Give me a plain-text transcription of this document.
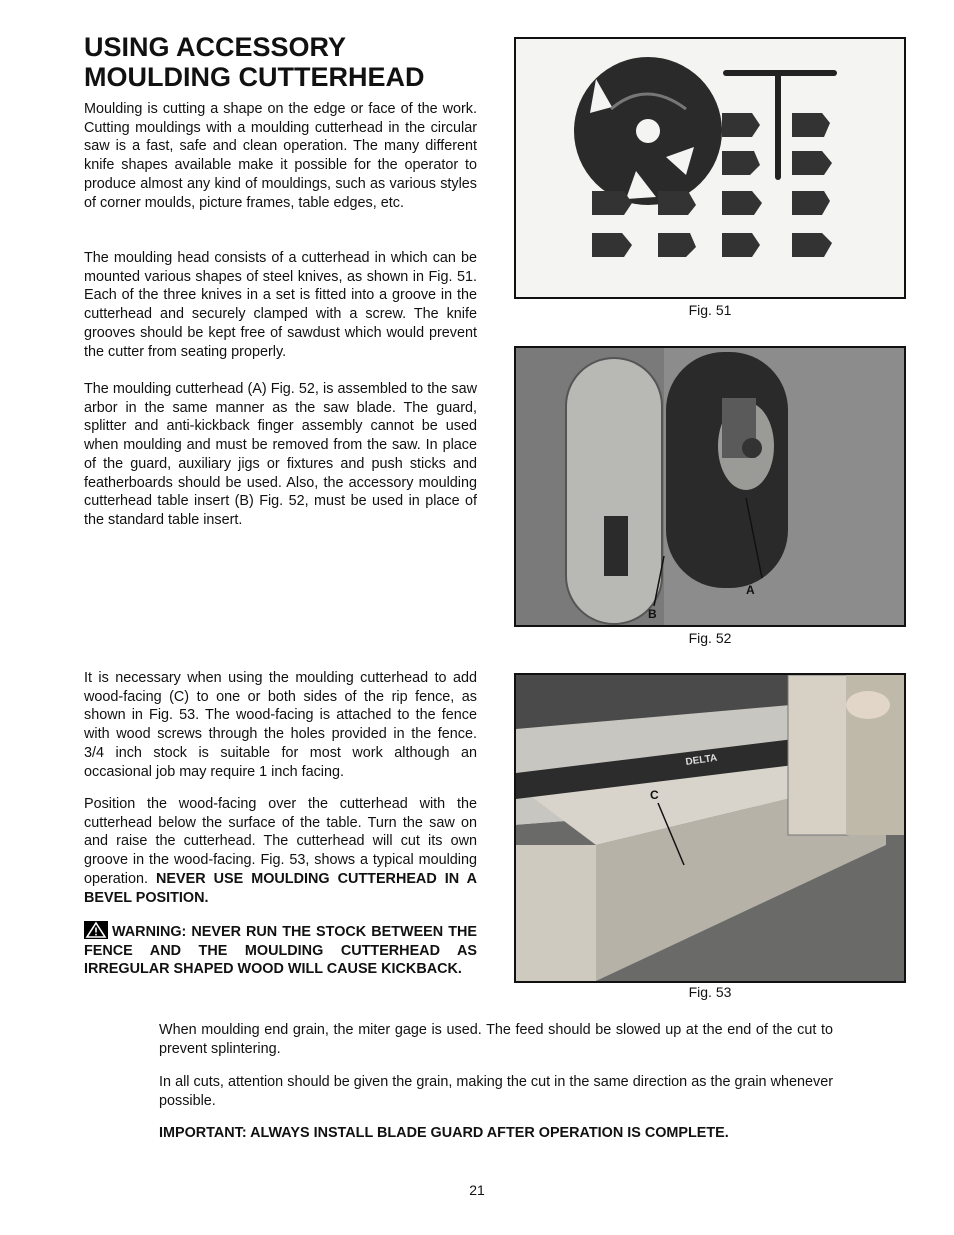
USING ACCESSORY MOULDING CUTTERHEAD

Moulding is cutting a shape on the edge or face of the work. Cutting mouldings with a moulding cutterhead in the circular saw is a fast, safe and clean operation. The many different knife shapes available make it possible for the operator to produce almost any kind of mouldings, such as various styles of corner moulds, picture frames, table edges, etc.

The moulding head consists of a cutterhead in which can be mounted various shapes of steel knives, as shown in Fig. 51. Each of the three knives in a set is fitted into a groove in the cutterhead and securely clamped with a screw. The knife grooves should be kept free of sawdust which would prevent the cutter from seating properly.

The moulding cutterhead (A) Fig. 52, is assembled to the saw arbor in the same manner as the saw blade. The guard, splitter and anti-kickback finger assembly cannot be used when moulding and must be removed from the saw. In place of the guard, auxiliary jigs or fixtures and push sticks and featherboards should be used. Also, the accessory moulding cutterhead table insert (B) Fig. 52, must be used in place of the standard table insert.

It is necessary when using the moulding cutterhead to add wood-facing (C) to one or both sides of the rip fence, as shown in Fig. 53. The wood-facing is attached to the fence with wood screws through the holes provided in the fence. 3/4 inch stock is suitable for most work although an occasional job may require 1 inch facing.

Position the wood-facing over the cutterhead with the cutterhead below the surface of the table. Turn the saw on and raise the cutterhead. The cutterhead will cut its own groove in the wood-facing. Fig. 53, shows a typical moulding operation. NEVER USE MOULDING CUTTERHEAD IN A BEVEL POSITION.

WARNING: NEVER RUN THE STOCK BETWEEN THE FENCE AND THE MOULDING CUTTERHEAD AS IRREGULAR SHAPED WOOD WILL CAUSE KICKBACK.

When moulding end grain, the miter gage is used. The feed should be slowed up at the end of the cut to prevent splintering.

In all cuts, attention should be given the grain, making the cut in the same direction as the grain whenever possible.

IMPORTANT: ALWAYS INSTALL BLADE GUARD AFTER OPERATION IS COMPLETE.

Fig. 51
A
B
Fig. 52
DELTA
C
Fig. 53
21
